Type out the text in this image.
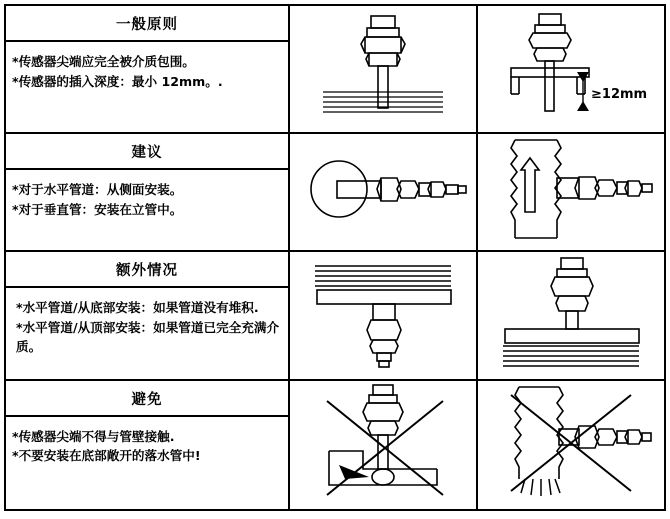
一般原则
*传感器尖端应完全被介质包围。
*传感器的插入深度：最小 12mm。.		≥12mm

建议
*对于水平管道：从侧面安装。
*对于垂直管：安装在立管中。

额外情况
*水平管道/从底部安装：如果管道没有堆积.
*水平管道/从顶部安装：如果管道已完全充满介质。

避免
*传感器尖端不得与管壁接触.
*不要安装在底部敞开的落水管中!
